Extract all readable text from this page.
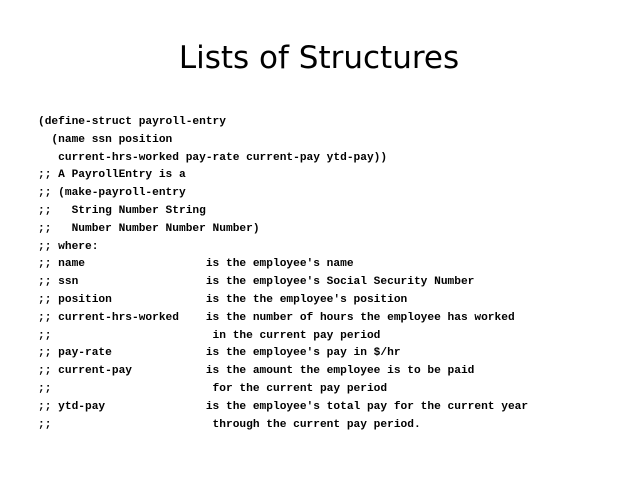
Lists of Structures
(define-struct payroll-entry
(name ssn position
current-hrs-worked pay-rate current-pay ytd-pay))
;; A PayrollEntry is a
;; (make-payroll-entry
;;   String Number String
;;   Number Number Number Number)
;; where:
;; name                  is the employee's name
;; ssn                   is the employee's Social Security Number
;; position              is the the employee's position
;; current-hrs-worked    is the number of hours the employee has worked
;;                        in the current pay period
;; pay-rate              is the employee's pay in $/hr
;; current-pay           is the amount the employee is to be paid
;;                        for the current pay period
;; ytd-pay               is the employee's total pay for the current year
;;                        through the current pay period.
